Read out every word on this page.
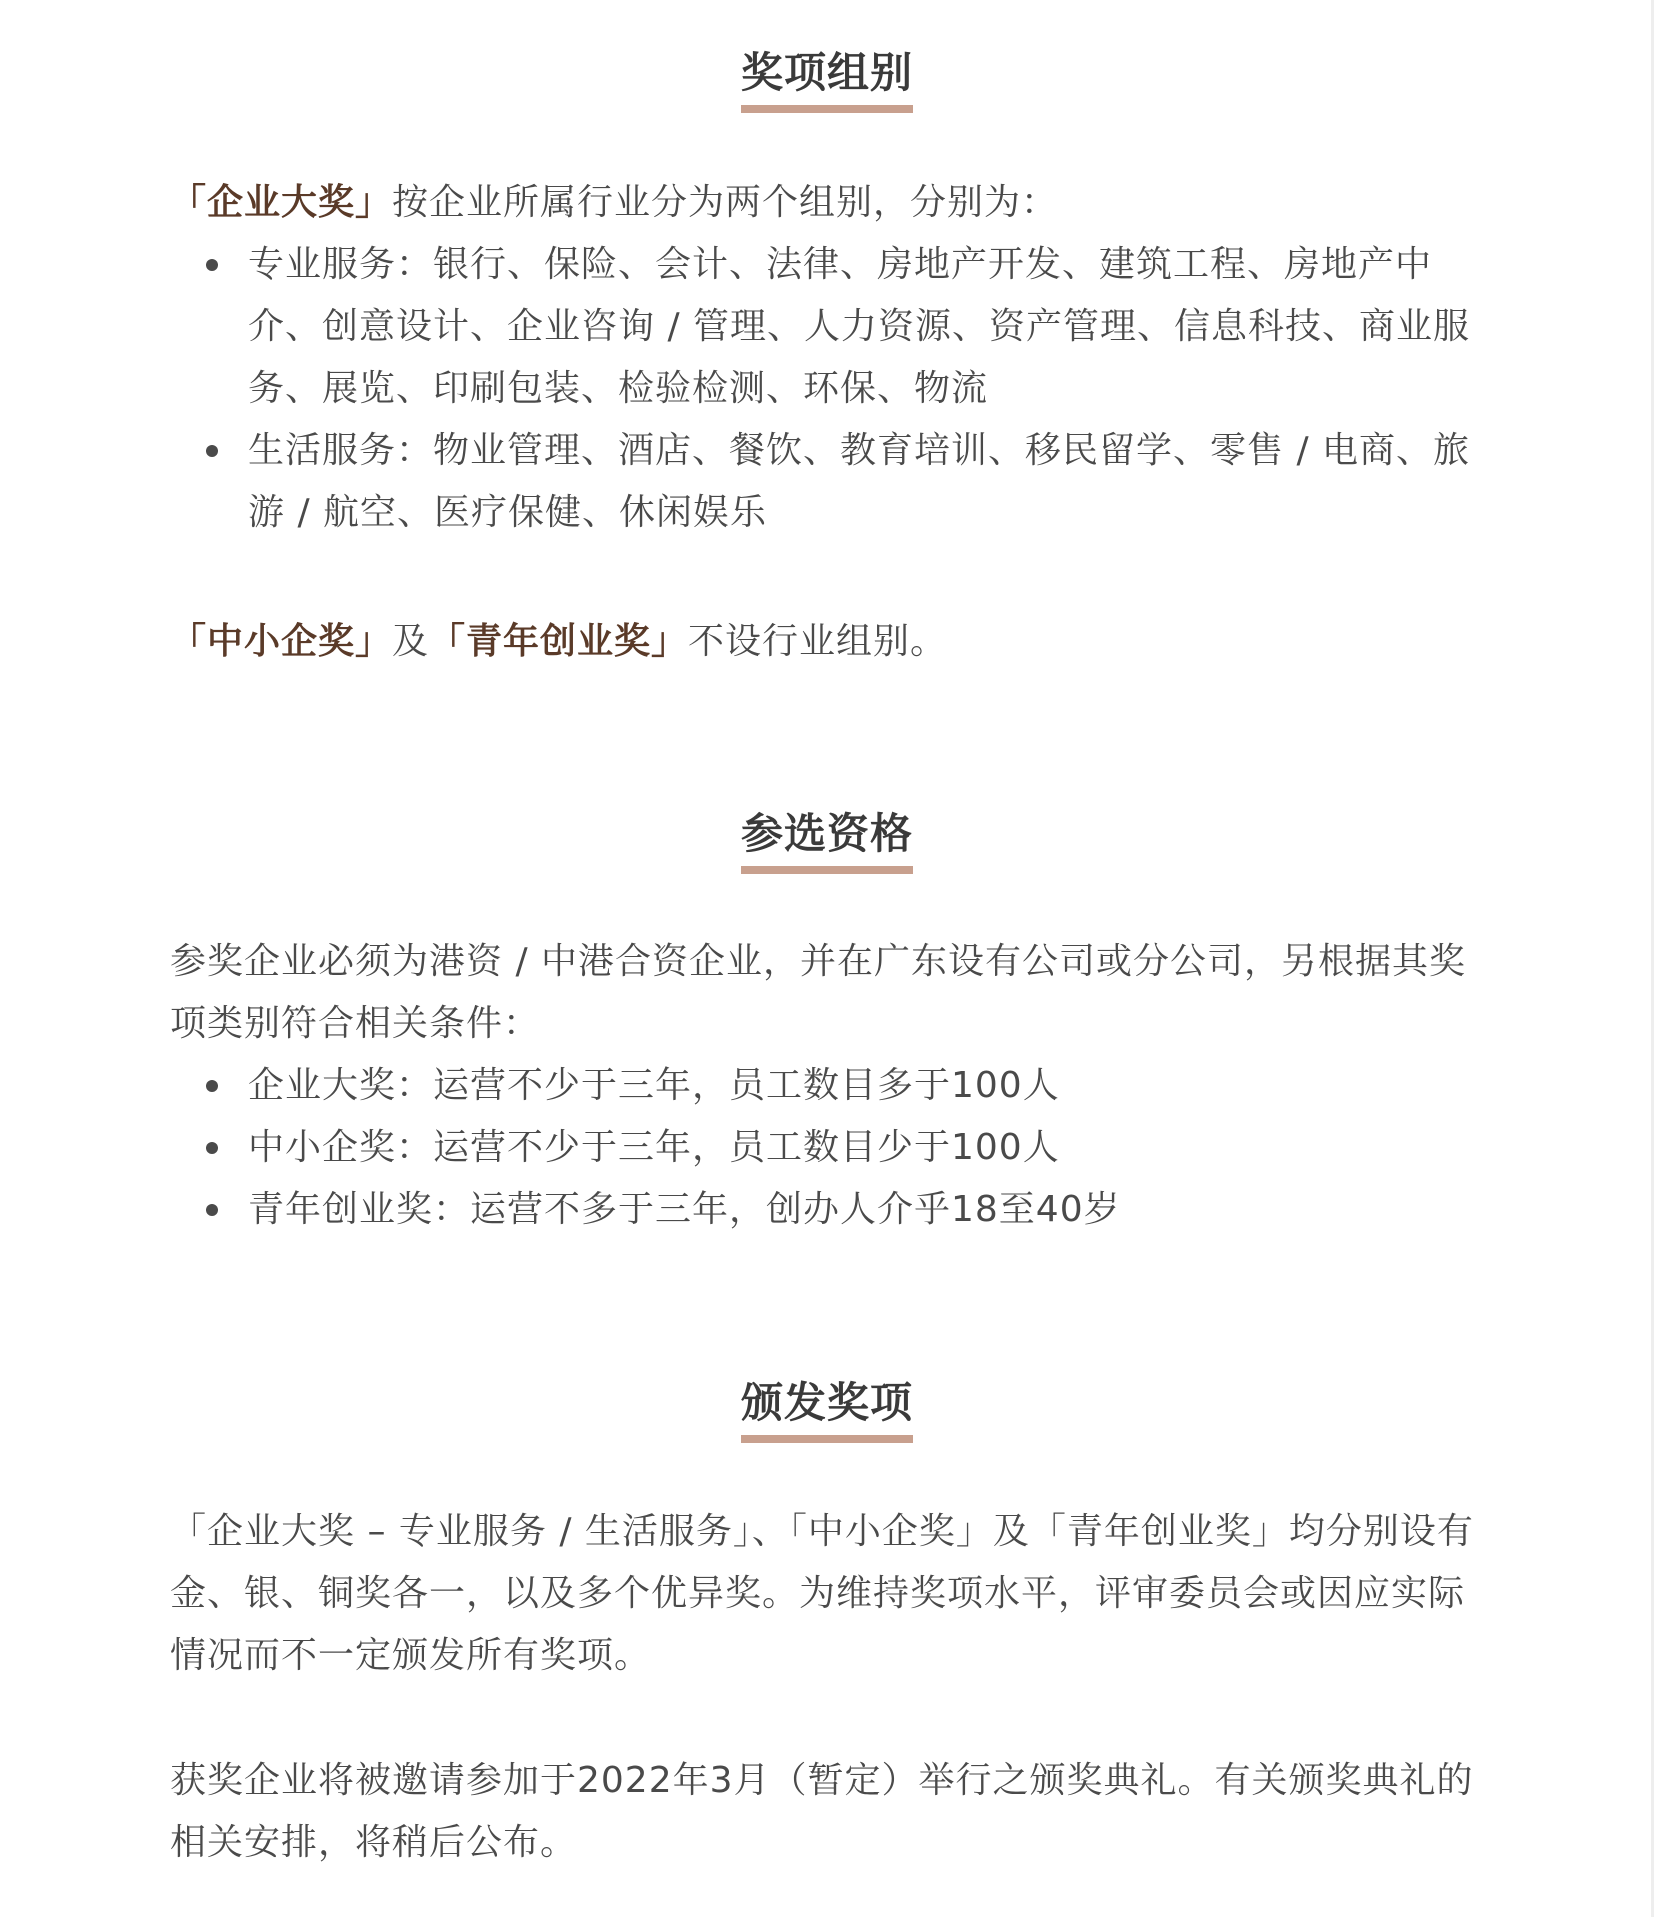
奖项组别
「企业大奖」按企业所属行业分为两个组别，分别为：
专业服务：银行、保险、会计、法律、房地产开发、建筑工程、房地产中介、创意设计、企业咨询 / 管理、人力资源、资产管理、信息科技、商业服务、展览、印刷包装、检验检测、环保、物流
生活服务：物业管理、酒店、餐饮、教育培训、移民留学、零售 / 电商、旅游 / 航空、医疗保健、休闲娱乐
「中小企奖」及「青年创业奖」不设行业组别。
参选资格
参奖企业必须为港资 / 中港合资企业，并在广东设有公司或分公司，另根据其奖项类别符合相关条件：
企业大奖：运营不少于三年，员工数目多于100人
中小企奖：运营不少于三年，员工数目少于100人
青年创业奖：运营不多于三年，创办人介乎18至40岁
颁发奖项
「企业大奖 – 专业服务 / 生活服务」、「中小企奖」及「青年创业奖」均分别设有金、银、铜奖各一，以及多个优异奖。为维持奖项水平，评审委员会或因应实际情况而不一定颁发所有奖项。
获奖企业将被邀请参加于2022年3月（暂定）举行之颁奖典礼。有关颁奖典礼的相关安排，将稍后公布。
